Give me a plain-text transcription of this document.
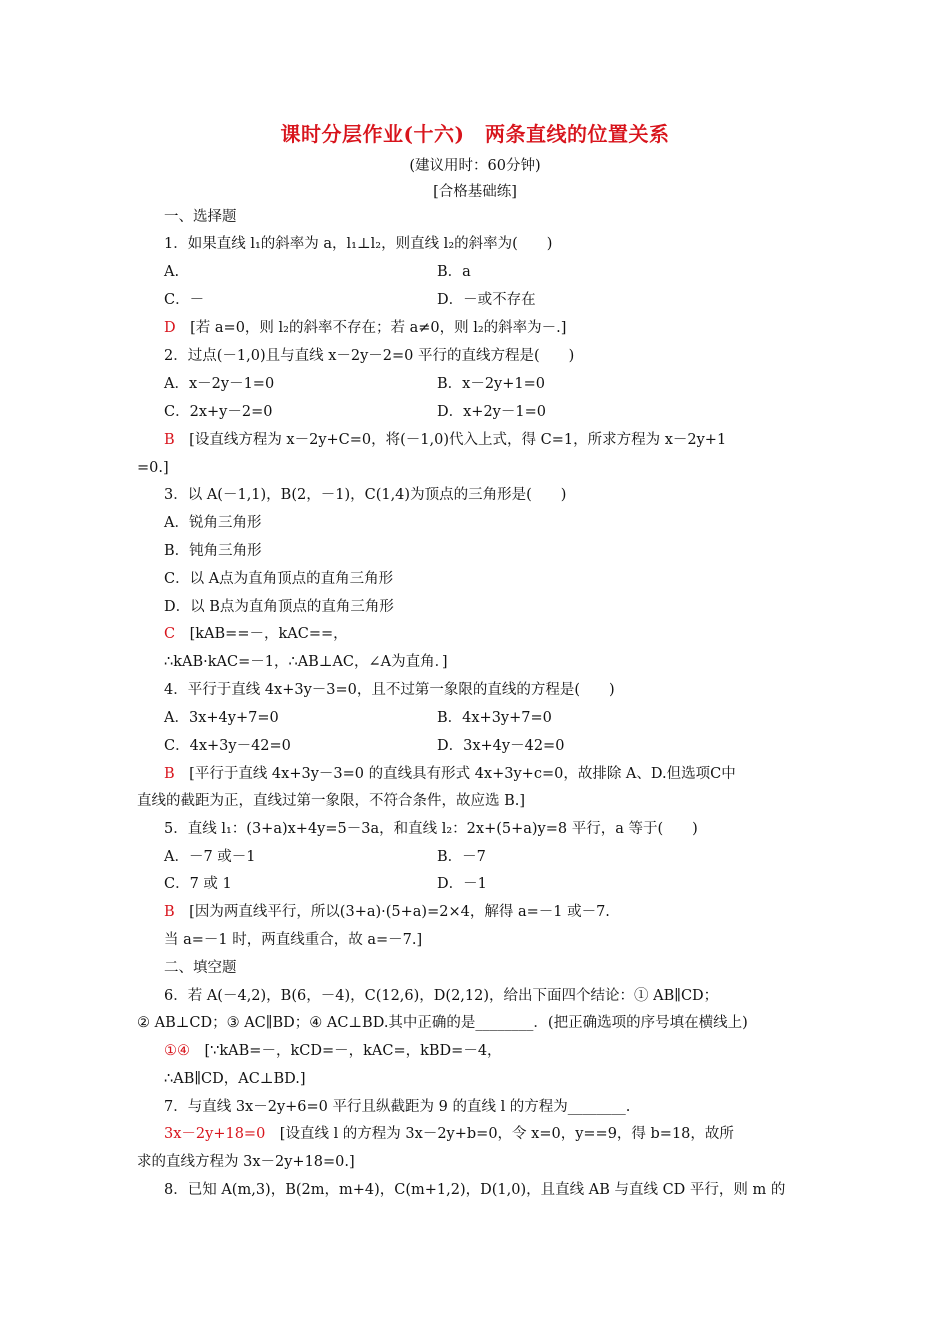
课时分层作业(十六)　两条直线的位置关系
(建议用时：60分钟)
[合格基础练]
一、选择题
1．如果直线 l₁的斜率为 a，l₁⊥l₂，则直线 l₂的斜率为(　　)
A.	B．a
C．－	D．－或不存在
D　 [若 a=0，则 l₂的斜率不存在；若 a≠0，则 l₂的斜率为－.]
2．过点(－1,0)且与直线 x－2y－2=0 平行的直线方程是(　　)
A．x－2y－1=0	B．x－2y+1=0
C．2x+y－2=0	D．x+2y－1=0
B　 [设直线方程为 x－2y+C=0，将(－1,0)代入上式，得 C=1，所求方程为 x－2y+1
=0.]
3．以 A(－1,1)，B(2，－1)，C(1,4)为顶点的三角形是(　　)
A．锐角三角形
B．钝角三角形
C．以 A点为直角顶点的直角三角形
D．以 B点为直角顶点的直角三角形
C　 [kAB==－，kAC==，
∴kAB·kAC=－1，∴AB⊥AC，∠A为直角．]
4．平行于直线 4x+3y－3=0，且不过第一象限的直线的方程是(　　)
A．3x+4y+7=0	B．4x+3y+7=0
C．4x+3y－42=0	D．3x+4y－42=0
B　 [平行于直线 4x+3y－3=0 的直线具有形式 4x+3y+c=0，故排除 A、D.但选项C中
直线的截距为正，直线过第一象限，不符合条件，故应选 B.]
5．直线 l₁：(3+a)x+4y=5－3a，和直线 l₂：2x+(5+a)y=8 平行，a 等于(　　)
A．－7 或－1	B．－7
C．7 或 1	D．－1
B　 [因为两直线平行，所以(3+a)·(5+a)=2×4，解得 a=－1 或－7.
当 a=－1 时，两直线重合，故 a=－7.]
二、填空题
6．若 A(－4,2)，B(6，－4)，C(12,6)，D(2,12)，给出下面四个结论：① AB∥CD；
② AB⊥CD；③ AC∥BD；④ AC⊥BD.其中正确的是________．(把正确选项的序号填在横线上)
①④　 [∵kAB=－，kCD=－，kAC=，kBD=－4，
∴AB∥CD，AC⊥BD.]
7．与直线 3x－2y+6=0 平行且纵截距为 9 的直线 l 的方程为________.
3x－2y+18=0　 [设直线 l 的方程为 3x－2y+b=0，令 x=0，y==9，得 b=18，故所
求的直线方程为 3x－2y+18=0.]
8．已知 A(m,3)，B(2m，m+4)，C(m+1,2)，D(1,0)，且直线 AB 与直线 CD 平行，则 m 的
